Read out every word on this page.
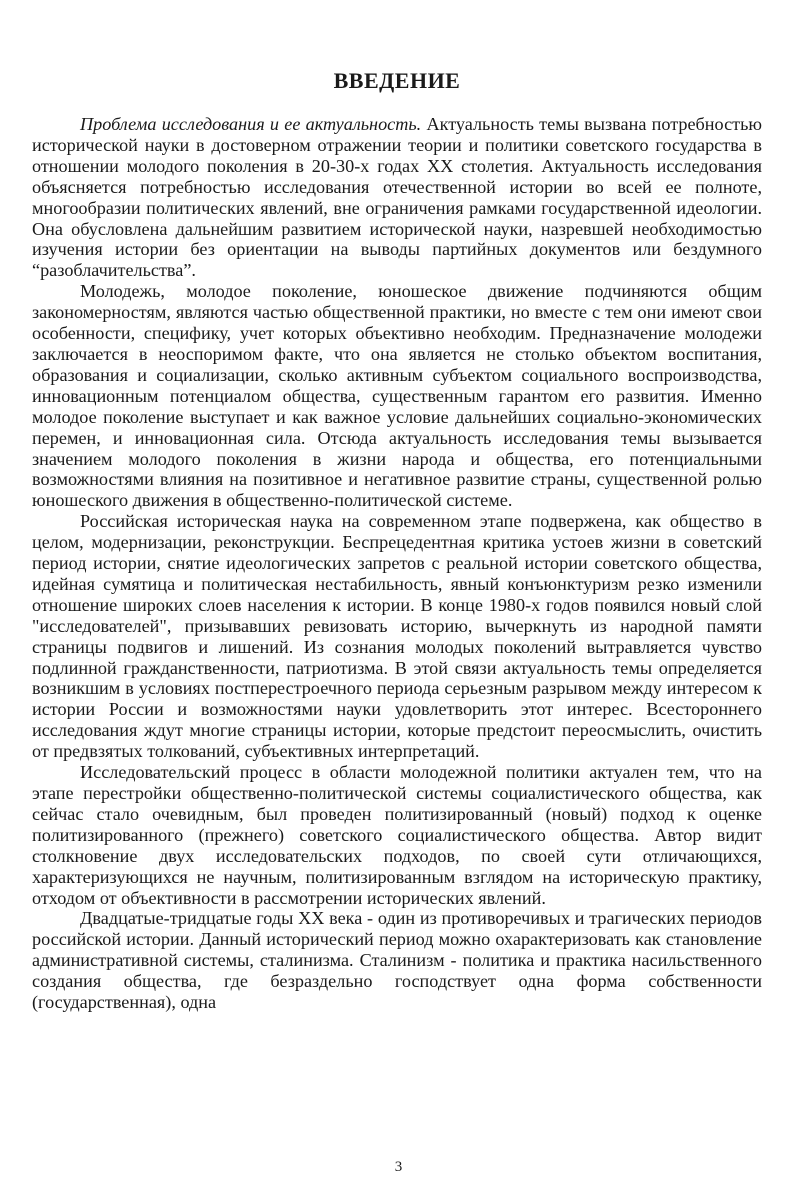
ВВЕДЕНИЕ

Проблема исследования и ее актуальность. Актуальность темы вызвана потребностью исторической науки в достоверном отражении теории и политики советского государства в отношении молодого поколения в 20-30-х годах XX столетия. Актуальность исследования объясняется потребностью исследования отечественной истории во всей ее полноте, многообразии политических явлений, вне ограничения рамками государственной идеологии. Она обусловлена дальнейшим развитием исторической науки, назревшей необходимостью изучения истории без ориентации на выводы партийных документов или бездумного “разоблачительства”.

Молодежь, молодое поколение, юношеское движение подчиняются общим закономерностям, являются частью общественной практики, но вместе с тем они имеют свои особенности, специфику, учет которых объективно необходим. Предназначение молодежи заключается в неоспоримом факте, что она является не столько объектом воспитания, образования и социализации, сколько активным субъектом социального воспроизводства, инновационным потенциалом общества, существенным гарантом его развития. Именно молодое поколение выступает и как важное условие дальнейших социально-экономических перемен, и инновационная сила. Отсюда актуальность исследования темы вызывается значением молодого поколения в жизни народа и общества, его потенциальными возможностями влияния на позитивное и негативное развитие страны, существенной ролью юношеского движения в общественно-политической системе.

Российская историческая наука на современном этапе подвержена, как общество в целом, модернизации, реконструкции. Беспрецедентная критика устоев жизни в советский период истории, снятие идеологических запретов с реальной истории советского общества, идейная сумятица и политическая нестабильность, явный конъюнктуризм резко изменили отношение широких слоев населения к истории. В конце 1980-х годов появился новый слой "исследователей", призывавших ревизовать историю, вычеркнуть из народной памяти страницы подвигов и лишений. Из сознания молодых поколений вытравляется чувство подлинной гражданственности, патриотизма. В этой связи актуальность темы определяется возникшим в условиях постперестроечного периода серьезным разрывом между интересом к истории России и возможностями науки удовлетворить этот интерес. Всестороннего исследования ждут многие страницы истории, которые предстоит переосмыслить, очистить от предвзятых толкований, субъективных интерпретаций.

Исследовательский процесс в области молодежной политики актуален тем, что на этапе перестройки общественно-политической системы социалистического общества, как сейчас стало очевидным, был проведен политизированный (новый) подход к оценке политизированного (прежнего) советского социалистического общества. Автор видит столкновение двух исследовательских подходов, по своей сути отличающихся, характеризующихся не научным, политизированным взглядом на историческую практику, отходом от объективности в рассмотрении исторических явлений.

Двадцатые-тридцатые годы XX века - один из противоречивых и трагических периодов российской истории. Данный исторический период можно охарактеризовать как становление административной системы, сталинизма. Сталинизм - политика и практика насильственного создания общества, где безраздельно господствует одна форма собственности (государственная), одна

3
